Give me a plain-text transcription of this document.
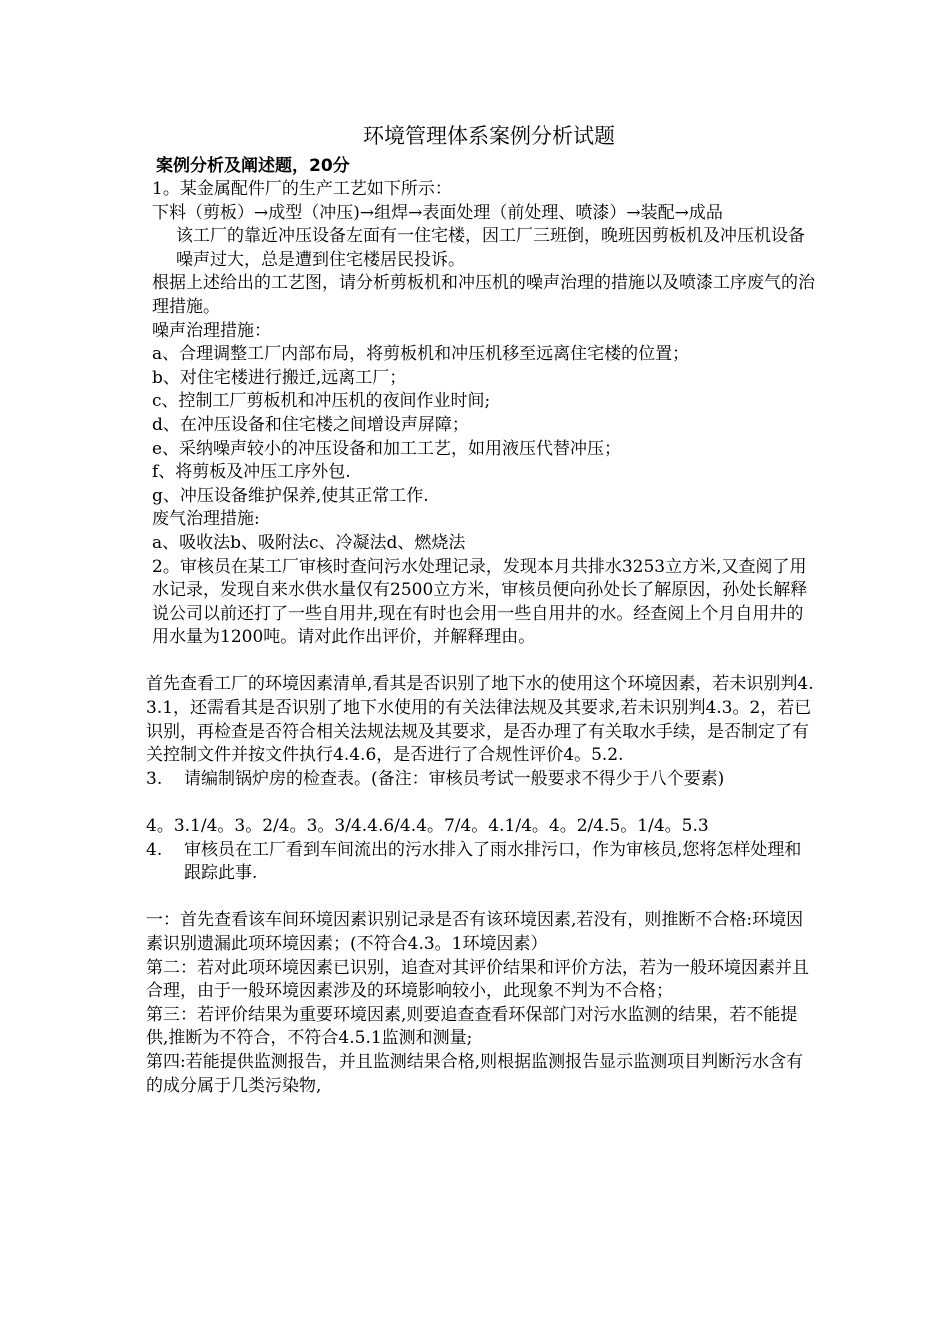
环境管理体系案例分析试题
案例分析及阐述题，20分
1。某金属配件厂的生产工艺如下所示：
下料（剪板）→成型（冲压)→组焊→表面处理（前处理、喷漆）→装配→成品
该工厂的靠近冲压设备左面有一住宅楼，因工厂三班倒，晚班因剪板机及冲压机设备噪声过大，总是遭到住宅楼居民投诉。
根据上述给出的工艺图，请分析剪板机和冲压机的噪声治理的措施以及喷漆工序废气的治理措施。
噪声治理措施：
a、合理调整工厂内部布局，将剪板机和冲压机移至远离住宅楼的位置；
b、对住宅楼进行搬迁,远离工厂；
c、控制工厂剪板机和冲压机的夜间作业时间;
d、在冲压设备和住宅楼之间增设声屏障；
e、采纳噪声较小的冲压设备和加工工艺，如用液压代替冲压；
f、将剪板及冲压工序外包.
g、冲压设备维护保养,使其正常工作.
废气治理措施:
a、吸收法b、吸附法c、冷凝法d、燃烧法
2。审核员在某工厂审核时查问污水处理记录，发现本月共排水3253立方米,又查阅了用水记录，发现自来水供水量仅有2500立方米，审核员便向孙处长了解原因，孙处长解释说公司以前还打了一些自用井,现在有时也会用一些自用井的水。经查阅上个月自用井的用水量为1200吨。请对此作出评价，并解释理由。
首先查看工厂的环境因素清单,看其是否识别了地下水的使用这个环境因素，若未识别判4.3.1，还需看其是否识别了地下水使用的有关法律法规及其要求,若未识别判4.3。2，若已识别，再检查是否符合相关法规法规及其要求，是否办理了有关取水手续，是否制定了有关控制文件并按文件执行4.4.6，是否进行了合规性评价4。5.2.
3.	请编制锅炉房的检查表。(备注：审核员考试一般要求不得少于八个要素)
4。3.1/4。3。2/4。3。3/4.4.6/4.4。7/4。4.1/4。4。2/4.5。1/4。5.3
4.	审核员在工厂看到车间流出的污水排入了雨水排污口，作为审核员,您将怎样处理和跟踪此事.
一：首先查看该车间环境因素识别记录是否有该环境因素,若没有，则推断不合格:环境因素识别遗漏此项环境因素；(不符合4.3。1环境因素）
第二：若对此项环境因素已识别，追查对其评价结果和评价方法，若为一般环境因素并且合理，由于一般环境因素涉及的环境影响较小，此现象不判为不合格；
第三：若评价结果为重要环境因素,则要追查查看环保部门对污水监测的结果，若不能提供,推断为不符合，不符合4.5.1监测和测量;
第四:若能提供监测报告，并且监测结果合格,则根据监测报告显示监测项目判断污水含有的成分属于几类污染物,
